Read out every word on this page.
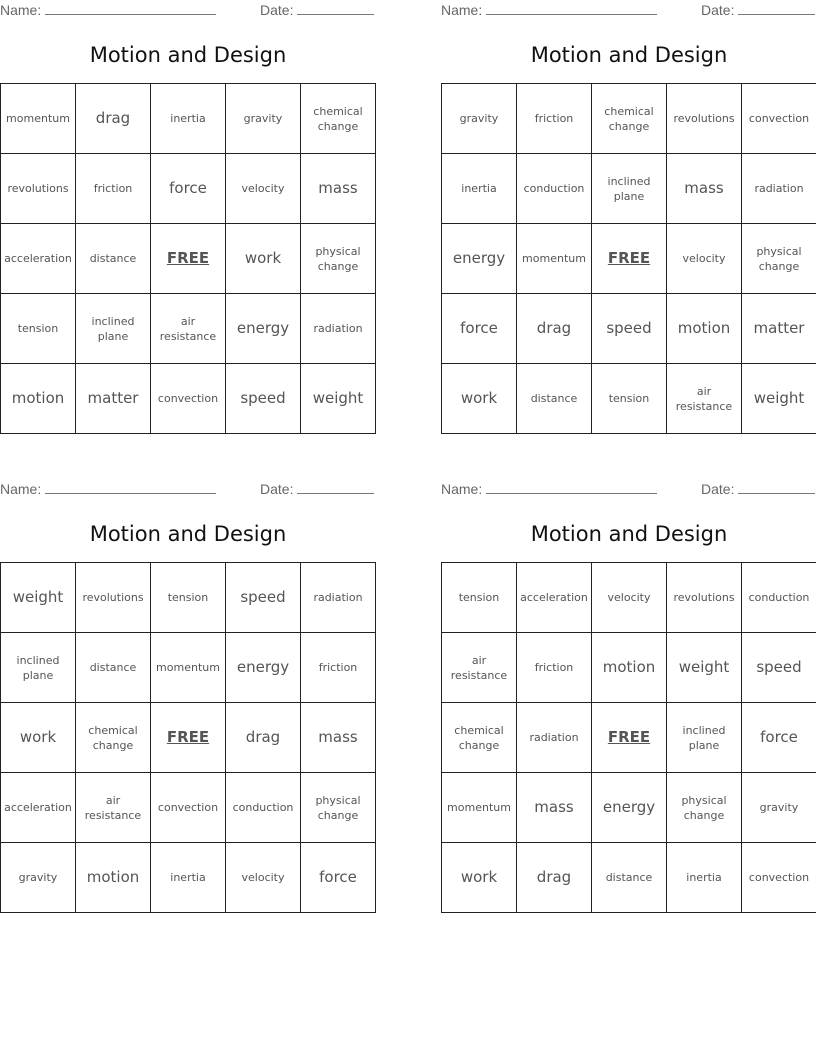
Name:	Date:
Motion and Design
momentum	drag	inertia	gravity	chemical change
revolutions	friction	force	velocity	mass
acceleration	distance	FREE	work	physical change
tension	inclined plane	air resistance	energy	radiation
motion	matter	convection	speed	weight
Name:	Date:
Motion and Design
gravity	friction	chemical change	revolutions	convection
inertia	conduction	inclined plane	mass	radiation
energy	momentum	FREE	velocity	physical change
force	drag	speed	motion	matter
work	distance	tension	air resistance	weight
Name:	Date:
Motion and Design
weight	revolutions	tension	speed	radiation
inclined plane	distance	momentum	energy	friction
work	chemical change	FREE	drag	mass
acceleration	air resistance	convection	conduction	physical change
gravity	motion	inertia	velocity	force
Name:	Date:
Motion and Design
tension	acceleration	velocity	revolutions	conduction
air resistance	friction	motion	weight	speed
chemical change	radiation	FREE	inclined plane	force
momentum	mass	energy	physical change	gravity
work	drag	distance	inertia	convection
